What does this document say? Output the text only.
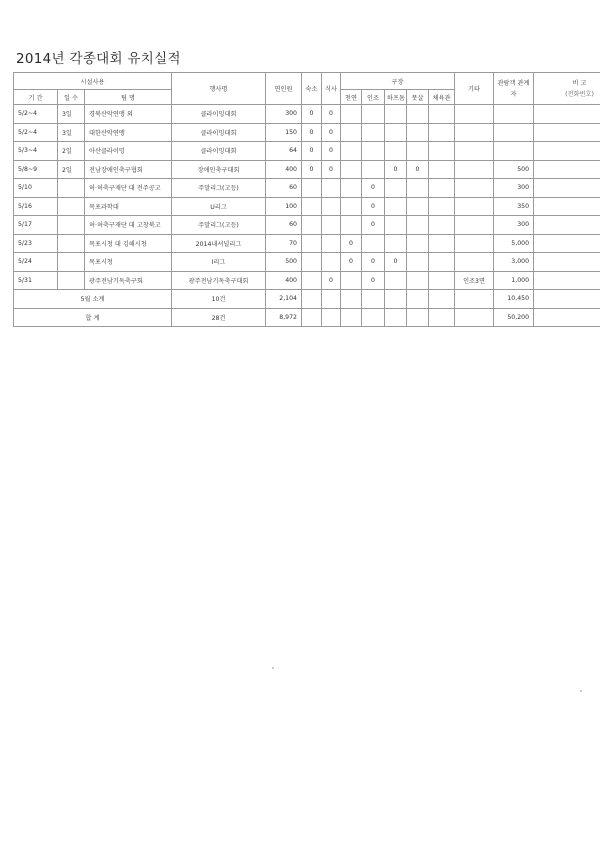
2014년 각종대회 유치실적
시설사용			행사명	연인원	숙소	식사	구장					기타	관람객 관계자	비 고
(전화번호)

기 간	일 수	팀 명					천연	인조	하프돔	풋살	체육관			
5/2~4	3일	경북산악연맹 외	클라이밍대회	300	0	0								
5/2~4	3일	대한산악연맹	클라이밍대회	150	0	0								
5/3~4	2일	아산클라이밍	클라이밍대회	64	0	0								
5/8~9	2일	전남장애인축구협회	장애인축구대회	400	0	0			0	0			500	
5/10		허·허축구재단 대 전주공고	주말리그(고등)	60				0					300	
5/16		목포과학대	U리그	100				0					350	
5/17		허·허축구재단 대 고창북고	주말리그(고등)	60				0					300	
5/23		목포시청 대 김해시청	2014내셔널리그	70			0						5,000	
5/24		목포시청	I리그	500			0	0	0				3,000	
5/31		광주전남기독축구회	광주전남기독축구대회	400		0		0				인조3면	1,000	
5월 소계			10건	2,104									10,450	
합 계			28건	8,972									50,200	
